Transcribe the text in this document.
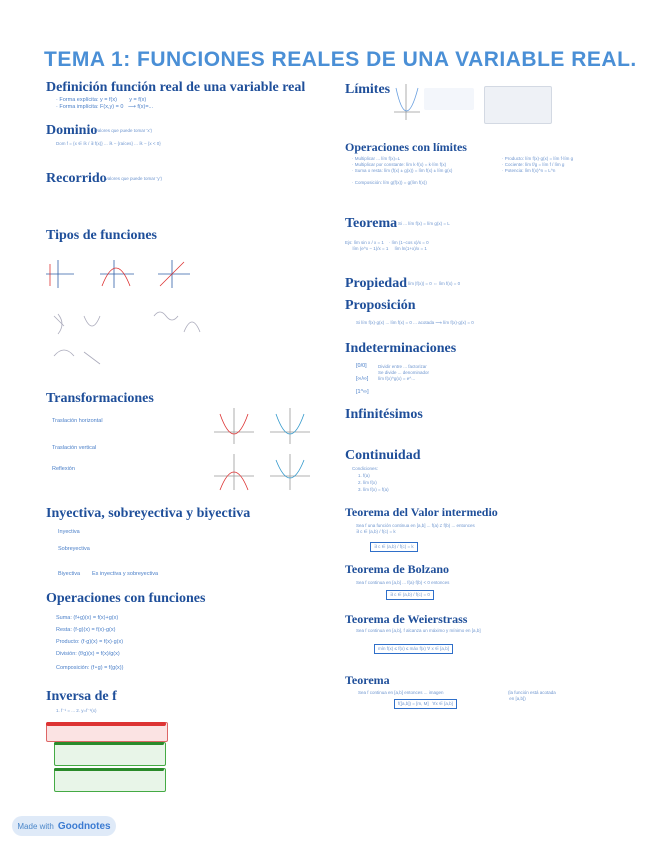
TEMA 1: FUNCIONES REALES DE UNA VARIABLE REAL.
Definición función real de una variable real
· Forma explícita: y = f(x)        y = f(x)
· Forma implícita: F(x,y) = 0   ⟶ f(x)=...
Dominio
(valores que puede tomar 'x')
Dom f = {x ∈ ℝ / ∃ f(x)} ... ℝ − {raíces} ... ℝ − {x < 0}
Recorrido
(valores que puede tomar 'y')
Tipos de funciones
Transformaciones
Traslación horizontal
Traslación vertical
Reflexión
Inyectiva, sobreyectiva y biyectiva
Inyectiva
Sobreyectiva
Biyectiva Es inyectiva y sobreyectiva
Operaciones con funciones
Suma: (f+g)(x) = f(x)+g(x)
Resta: (f-g)(x) = f(x)-g(x)
Producto: (f·g)(x) = f(x)·g(x)
División: (f/g)(x) = f(x)/g(x)
Composición: (f∘g) = f(g(x))
Inversa de f
1. f⁻¹ = ... 2. y=f⁻¹(x)
Límites
Operaciones con límites
· Multiplicar ... lím f(x)=L
· Multiplicar por constante: lím k·f(x) = k·lím f(x)
· Suma o resta: lím (f(x) ± g(x)) = lím f(x) ± lím g(x)

· Composición: lím g(f(x)) = g(lím f(x))
· Producto: lím f(x)·g(x) = lím f·lím g
· Cociente: lím f/g = lím f / lím g
· Potencia: lím f(x)^n = L^n
Teorema Si ... lím f(x) = lím g(x) = L
Ejs: lím sin x / x = 1    · lím (1−cos x)/x = 0
lím (e^x − 1)/x = 1     lím ln(1+x)/x = 1
Propiedad lím |f(x)| = 0 ⇔ lím f(x) = 0
Proposición
Si lím f(x)·g(x) ... lím f(x) = 0 ... acotada ⟶ lím f(x)·g(x) = 0
Indeterminaciones
[0/0]
[∞/∞]
[1^∞]
Dividir entre ... factorizar
Se divide ... denominador
lím f(x)^g(x) = e^...
Infinitésimos
Continuidad
Condiciones:
1. f(a)
2. lím f(x)
3. lím f(x) = f(a)
Teorema del Valor intermedio
Sea f una función continua en [a,b] ... f(a) ≠ f(b) ... entonces
∃ c ∈ (a,b) / f(c) = k
∃ c ∈ (a,b) / f(c) = k
Teorema de Bolzano
Sea f continua en [a,b] ... f(a)·f(b) < 0 entonces
∃ c ∈ (a,b) / f(c) = 0
Teorema de Weierstrass
Sea f continua en [a,b], f alcanza un máximo y mínimo en [a,b]
mín f(x) ≤ f(x) ≤ máx f(x) ∀ x ∈ [a,b]
Teorema
Sea f continua en [a,b] entonces ... imagen
f([a,b]) = [m, M]   ∀x ∈ [a,b]
(la función está acotada
en [a,b])
Made with Goodnotes
